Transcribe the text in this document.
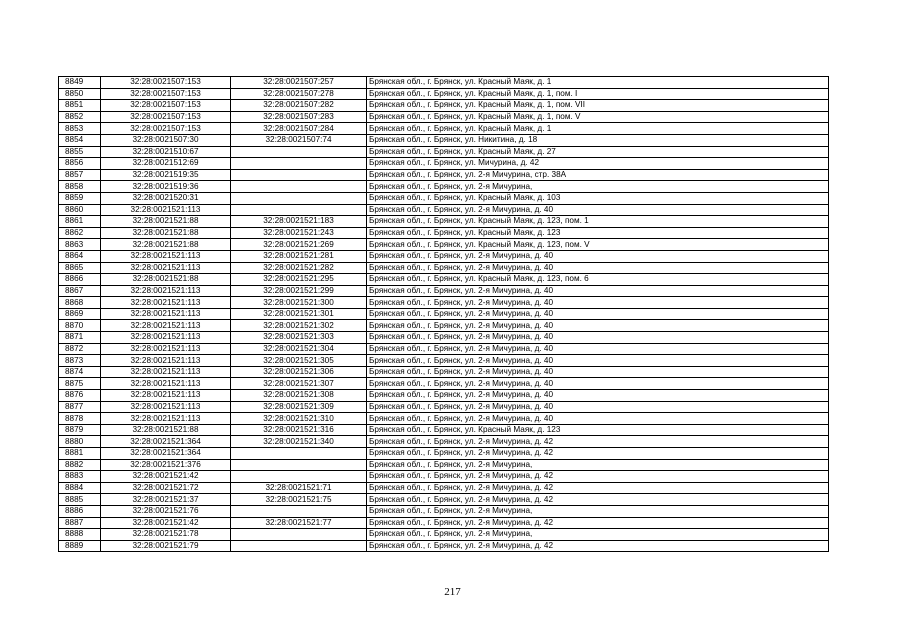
8849	32:28:0021507:153	32:28:0021507:257	Брянская обл., г. Брянск, ул. Красный Маяк, д. 1
8850	32:28:0021507:153	32:28:0021507:278	Брянская обл., г. Брянск, ул. Красный Маяк, д. 1, пом. I
8851	32:28:0021507:153	32:28:0021507:282	Брянская обл., г. Брянск, ул. Красный Маяк, д. 1, пом. VII
8852	32:28:0021507:153	32:28:0021507:283	Брянская обл., г. Брянск, ул. Красный Маяк, д. 1, пом. V
8853	32:28:0021507:153	32:28:0021507:284	Брянская обл., г. Брянск, ул. Красный Маяк, д. 1
8854	32:28:0021507:30	32:28:0021507:74	Брянская обл., г. Брянск, ул. Никитина, д. 18
8855	32:28:0021510:67		Брянская обл., г. Брянск, ул. Красный Маяк, д. 27
8856	32:28:0021512:69		Брянская обл., г. Брянск, ул. Мичурина, д. 42
8857	32:28:0021519:35		Брянская обл., г. Брянск, ул. 2-я Мичурина, стр. 38А
8858	32:28:0021519:36		Брянская обл., г. Брянск, ул. 2-я Мичурина,
8859	32:28:0021520:31		Брянская обл., г. Брянск, ул. Красный Маяк, д. 103
8860	32:28:0021521:113		Брянская обл., г. Брянск, ул. 2-я Мичурина, д. 40
8861	32:28:0021521:88	32:28:0021521:183	Брянская обл., г. Брянск, ул. Красный Маяк, д. 123, пом. 1
8862	32:28:0021521:88	32:28:0021521:243	Брянская обл., г. Брянск, ул. Красный Маяк, д. 123
8863	32:28:0021521:88	32:28:0021521:269	Брянская обл., г. Брянск, ул. Красный Маяк, д. 123, пом. V
8864	32:28:0021521:113	32:28:0021521:281	Брянская обл., г. Брянск, ул. 2-я Мичурина, д. 40
8865	32:28:0021521:113	32:28:0021521:282	Брянская обл., г. Брянск, ул. 2-я Мичурина, д. 40
8866	32:28:0021521:88	32:28:0021521:295	Брянская обл., г. Брянск, ул. Красный Маяк, д. 123, пом. 6
8867	32:28:0021521:113	32:28:0021521:299	Брянская обл., г. Брянск, ул. 2-я Мичурина, д. 40
8868	32:28:0021521:113	32:28:0021521:300	Брянская обл., г. Брянск, ул. 2-я Мичурина, д. 40
8869	32:28:0021521:113	32:28:0021521:301	Брянская обл., г. Брянск, ул. 2-я Мичурина, д. 40
8870	32:28:0021521:113	32:28:0021521:302	Брянская обл., г. Брянск, ул. 2-я Мичурина, д. 40
8871	32:28:0021521:113	32:28:0021521:303	Брянская обл., г. Брянск, ул. 2-я Мичурина, д. 40
8872	32:28:0021521:113	32:28:0021521:304	Брянская обл., г. Брянск, ул. 2-я Мичурина, д. 40
8873	32:28:0021521:113	32:28:0021521:305	Брянская обл., г. Брянск, ул. 2-я Мичурина, д. 40
8874	32:28:0021521:113	32:28:0021521:306	Брянская обл., г. Брянск, ул. 2-я Мичурина, д. 40
8875	32:28:0021521:113	32:28:0021521:307	Брянская обл., г. Брянск, ул. 2-я Мичурина, д. 40
8876	32:28:0021521:113	32:28:0021521:308	Брянская обл., г. Брянск, ул. 2-я Мичурина, д. 40
8877	32:28:0021521:113	32:28:0021521:309	Брянская обл., г. Брянск, ул. 2-я Мичурина, д. 40
8878	32:28:0021521:113	32:28:0021521:310	Брянская обл., г. Брянск, ул. 2-я Мичурина, д. 40
8879	32:28:0021521:88	32:28:0021521:316	Брянская обл., г. Брянск, ул. Красный Маяк, д. 123
8880	32:28:0021521:364	32:28:0021521:340	Брянская обл., г. Брянск, ул. 2-я Мичурина, д. 42
8881	32:28:0021521:364		Брянская обл., г. Брянск, ул. 2-я Мичурина, д. 42
8882	32:28:0021521:376		Брянская обл., г. Брянск, ул. 2-я Мичурина,
8883	32:28:0021521:42		Брянская обл., г. Брянск, ул. 2-я Мичурина, д. 42
8884	32:28:0021521:72	32:28:0021521:71	Брянская обл., г. Брянск, ул. 2-я Мичурина, д. 42
8885	32:28:0021521:37	32:28:0021521:75	Брянская обл., г. Брянск, ул. 2-я Мичурина, д. 42
8886	32:28:0021521:76		Брянская обл., г. Брянск, ул. 2-я Мичурина,
8887	32:28:0021521:42	32:28:0021521:77	Брянская обл., г. Брянск, ул. 2-я Мичурина, д. 42
8888	32:28:0021521:78		Брянская обл., г. Брянск, ул. 2-я Мичурина,
8889	32:28:0021521:79		Брянская обл., г. Брянск, ул. 2-я Мичурина, д. 42
217
